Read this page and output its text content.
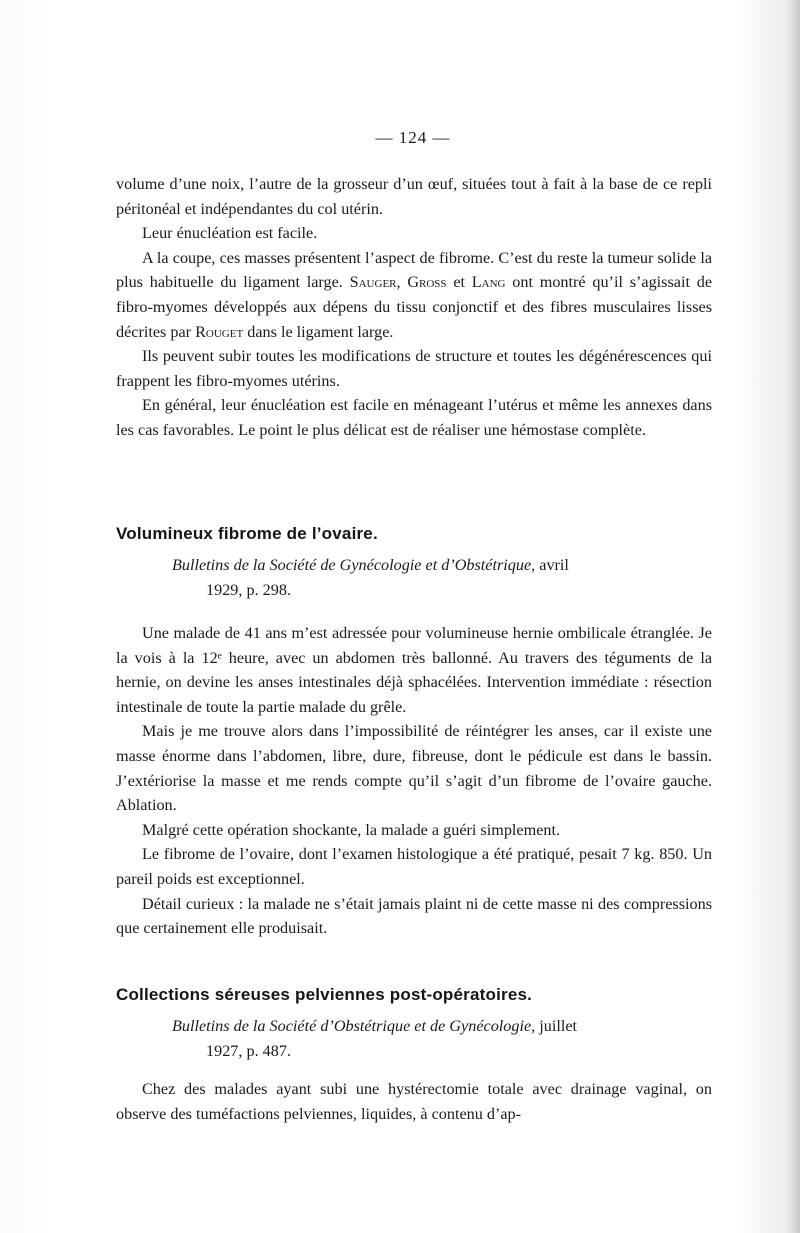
— 124 —

volume d’une noix, l’autre de la grosseur d’un œuf, situées tout à fait à la base de ce repli péritonéal et indépendantes du col utérin.

Leur énucléation est facile.

A la coupe, ces masses présentent l’aspect de fibrome. C’est du reste la tumeur solide la plus habituelle du ligament large. Sauger, Gross et Lang ont montré qu’il s’agissait de fibro-myomes développés aux dépens du tissu conjonctif et des fibres musculaires lisses décrites par Rouget dans le ligament large.

Ils peuvent subir toutes les modifications de structure et toutes les dégénérescences qui frappent les fibro-myomes utérins.

En général, leur énucléation est facile en ménageant l’utérus et même les annexes dans les cas favorables. Le point le plus délicat est de réaliser une hémostase complète.

Volumineux fibrome de l’ovaire.
Bulletins de la Société de Gynécologie et d’Obstétrique, avril
1929, p. 298.

Une malade de 41 ans m’est adressée pour volumineuse hernie ombilicale étranglée. Je la vois à la 12ᵉ heure, avec un abdomen très ballonné. Au travers des téguments de la hernie, on devine les anses intestinales déjà sphacélées. Intervention immédiate : résection intestinale de toute la partie malade du grêle.

Mais je me trouve alors dans l’impossibilité de réintégrer les anses, car il existe une masse énorme dans l’abdomen, libre, dure, fibreuse, dont le pédicule est dans le bassin. J’extériorise la masse et me rends compte qu’il s’agit d’un fibrome de l’ovaire gauche. Ablation.

Malgré cette opération shockante, la malade a guéri simplement.

Le fibrome de l’ovaire, dont l’examen histologique a été pratiqué, pesait 7 kg. 850. Un pareil poids est exceptionnel.

Détail curieux : la malade ne s’était jamais plaint ni de cette masse ni des compressions que certainement elle produisait.

Collections séreuses pelviennes post-opératoires.
Bulletins de la Société d’Obstétrique et de Gynécologie, juillet
1927, p. 487.

Chez des malades ayant subi une hystérectomie totale avec drainage vaginal, on observe des tuméfactions pelviennes, liquides, à contenu d’ap-
